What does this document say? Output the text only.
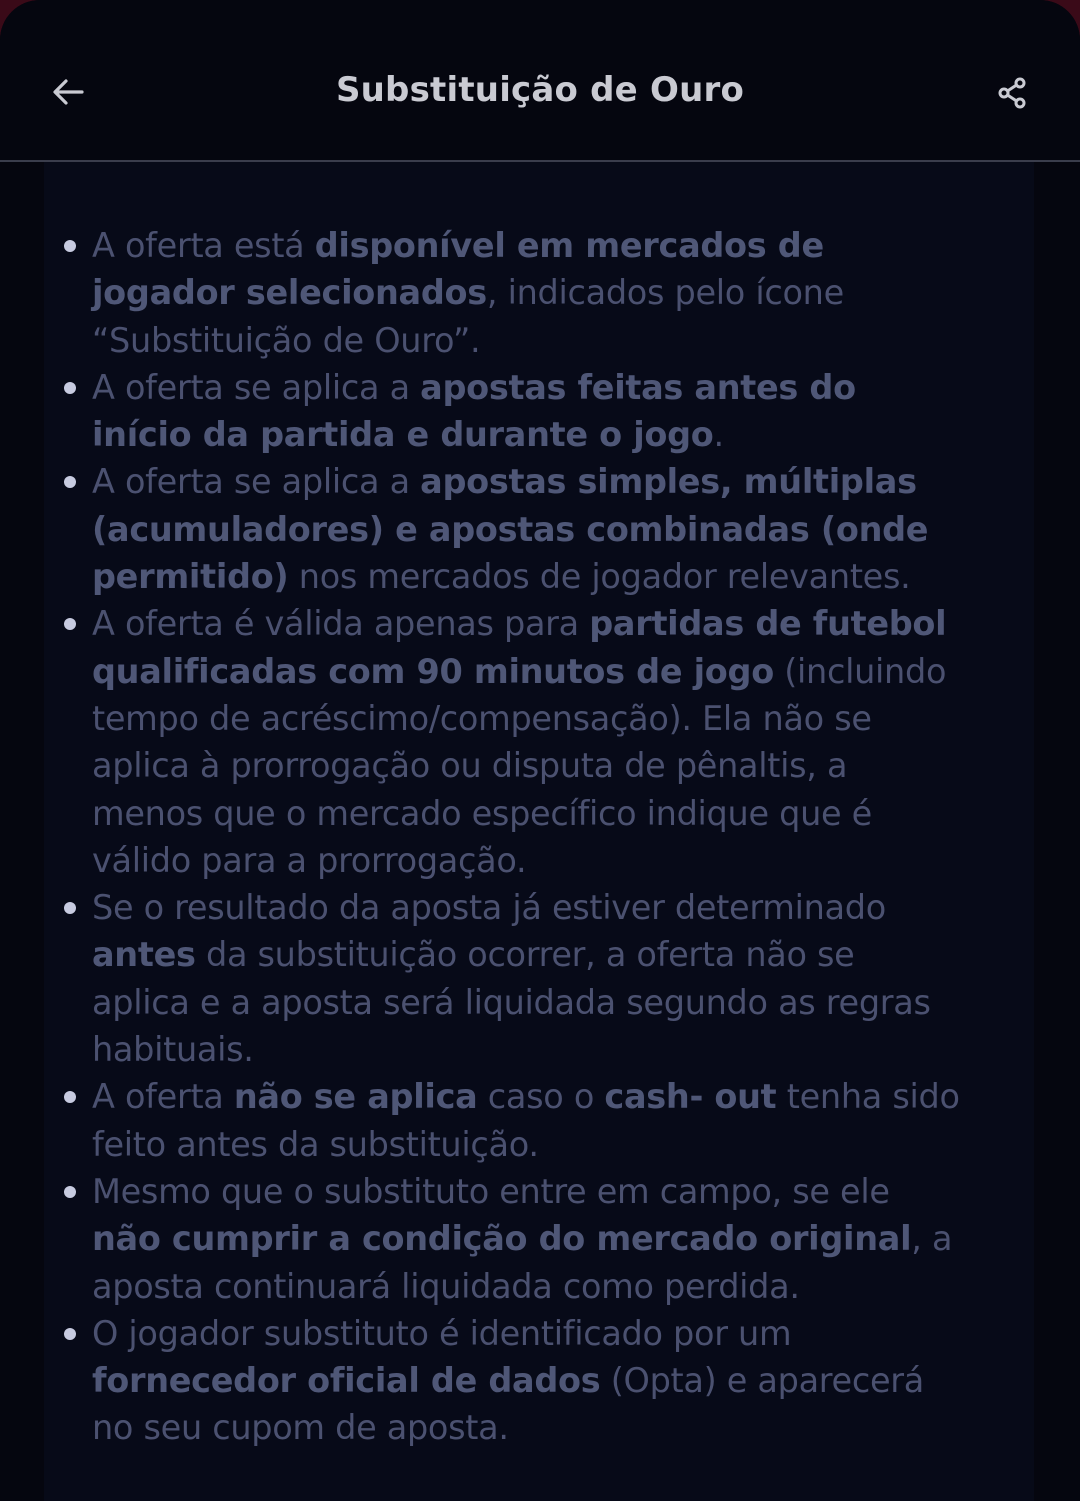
Substituição de Ouro
A oferta está disponível em mercados de jogador selecionados, indicados pelo ícone “Substituição de Ouro”.
A oferta se aplica a apostas feitas antes do início da partida e durante o jogo.
A oferta se aplica a apostas simples, múltiplas (acumuladores) e apostas combinadas (onde permitido) nos mercados de jogador relevantes.
A oferta é válida apenas para partidas de futebol qualificadas com 90 minutos de jogo (incluindo tempo de acréscimo/compensação). Ela não se aplica à prorrogação ou disputa de pênaltis, a menos que o mercado específico indique que é válido para a prorrogação.
Se o resultado da aposta já estiver determinado antes da substituição ocorrer, a oferta não se aplica e a aposta será liquidada segundo as regras habituais.
A oferta não se aplica caso o cash- out tenha sido feito antes da substituição.
Mesmo que o substituto entre em campo, se ele não cumprir a condição do mercado original, a aposta continuará liquidada como perdida.
O jogador substituto é identificado por um fornecedor oficial de dados (Opta) e aparecerá no seu cupom de aposta.
